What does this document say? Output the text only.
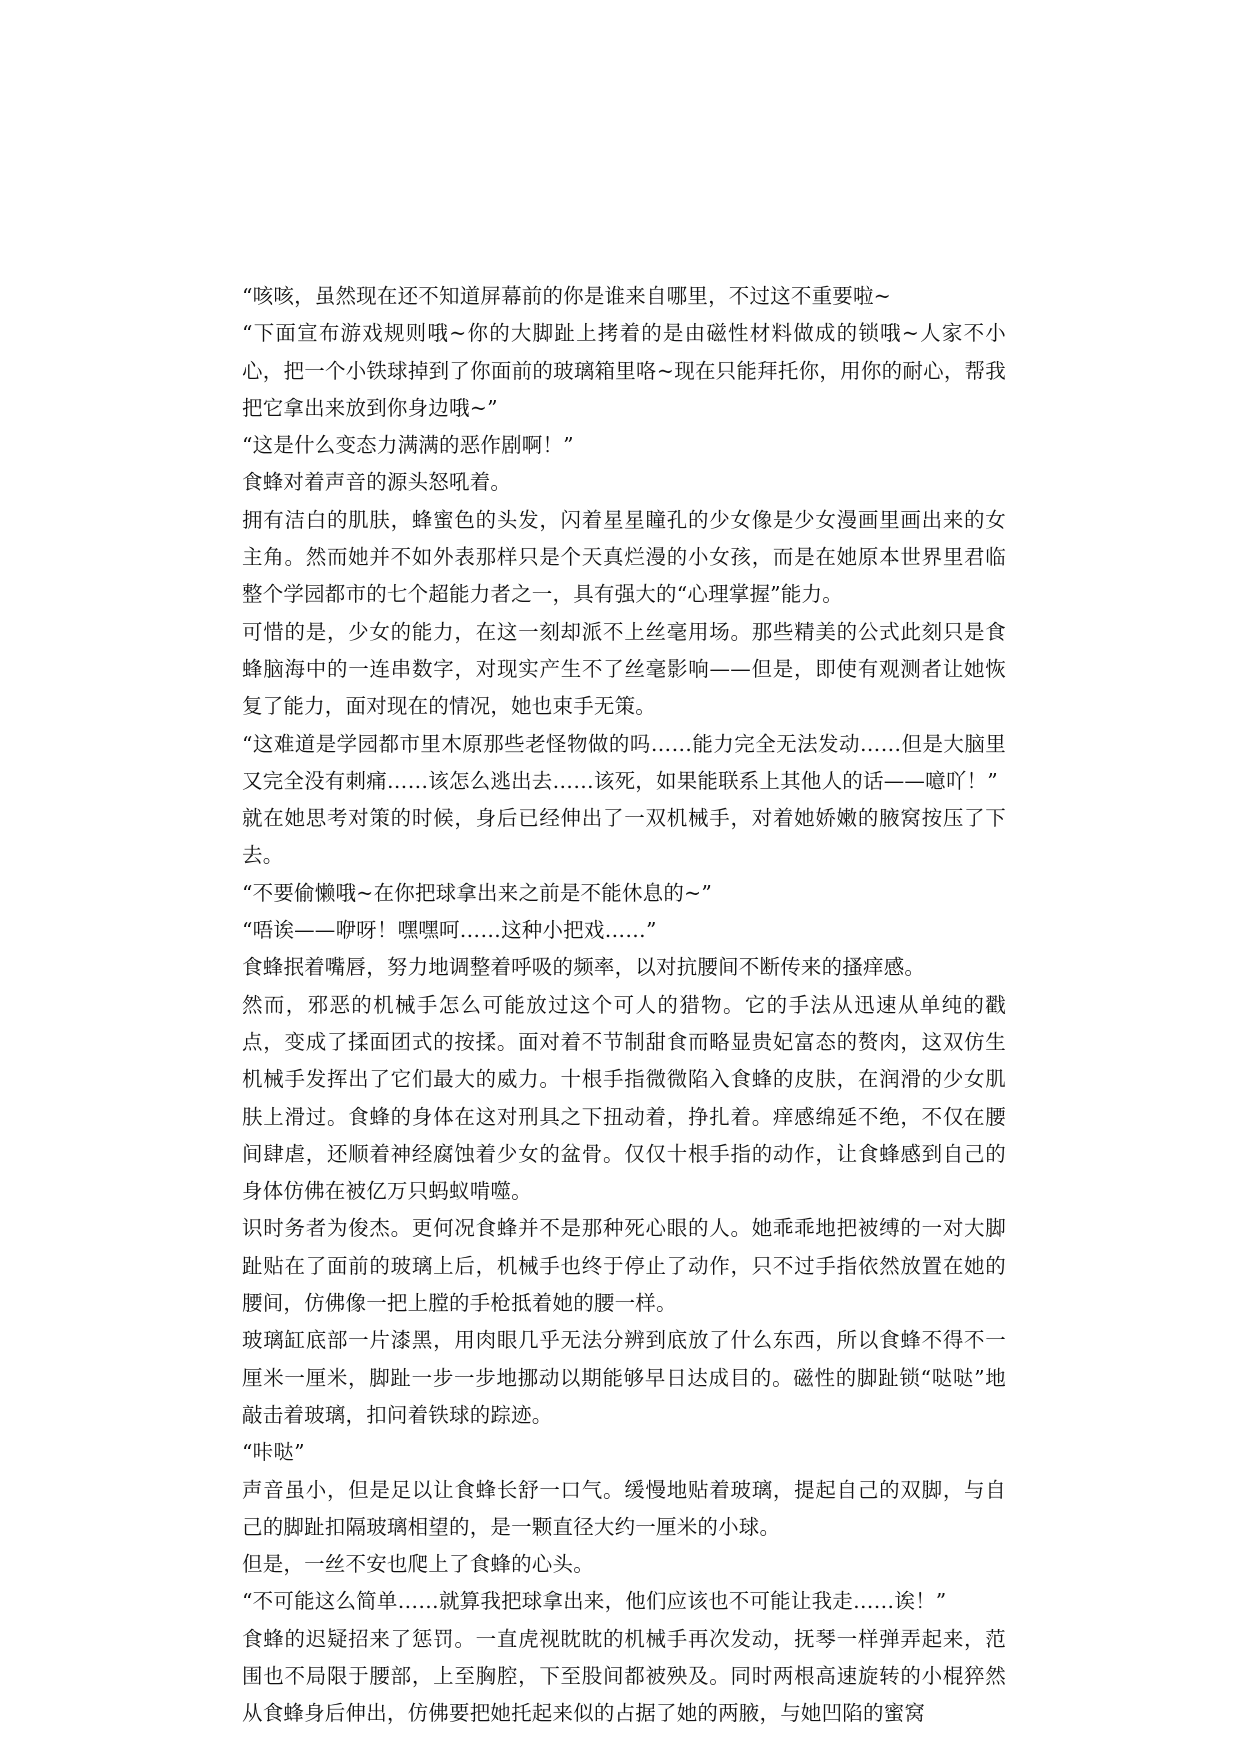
“咳咳，虽然现在还不知道屏幕前的你是谁来自哪里，不过这不重要啦~

“下面宣布游戏规则哦~你的大脚趾上拷着的是由磁性材料做成的锁哦~人家不小心，把一个小铁球掉到了你面前的玻璃箱里咯~现在只能拜托你，用你的耐心，帮我把它拿出来放到你身边哦~”

“这是什么变态力满满的恶作剧啊！”

食蜂对着声音的源头怒吼着。

拥有洁白的肌肤，蜂蜜色的头发，闪着星星瞳孔的少女像是少女漫画里画出来的女主角。然而她并不如外表那样只是个天真烂漫的小女孩，而是在她原本世界里君临整个学园都市的七个超能力者之一，具有强大的“心理掌握”能力。

可惜的是，少女的能力，在这一刻却派不上丝毫用场。那些精美的公式此刻只是食蜂脑海中的一连串数字，对现实产生不了丝毫影响——但是，即使有观测者让她恢复了能力，面对现在的情况，她也束手无策。

“这难道是学园都市里木原那些老怪物做的吗……能力完全无法发动……但是大脑里又完全没有刺痛……该怎么逃出去……该死，如果能联系上其他人的话——噫吖！”

就在她思考对策的时候，身后已经伸出了一双机械手，对着她娇嫩的腋窝按压了下去。

“不要偷懒哦~在你把球拿出来之前是不能休息的~”

“唔诶——咿呀！嘿嘿呵……这种小把戏……”

食蜂抿着嘴唇，努力地调整着呼吸的频率，以对抗腰间不断传来的搔痒感。

然而，邪恶的机械手怎么可能放过这个可人的猎物。它的手法从迅速从单纯的戳点，变成了揉面团式的按揉。面对着不节制甜食而略显贵妃富态的赘肉，这双仿生机械手发挥出了它们最大的威力。十根手指微微陷入食蜂的皮肤，在润滑的少女肌肤上滑过。食蜂的身体在这对刑具之下扭动着，挣扎着。痒感绵延不绝，不仅在腰间肆虐，还顺着神经腐蚀着少女的盆骨。仅仅十根手指的动作，让食蜂感到自己的身体仿佛在被亿万只蚂蚁啃噬。

识时务者为俊杰。更何况食蜂并不是那种死心眼的人。她乖乖地把被缚的一对大脚趾贴在了面前的玻璃上后，机械手也终于停止了动作，只不过手指依然放置在她的腰间，仿佛像一把上膛的手枪抵着她的腰一样。

玻璃缸底部一片漆黑，用肉眼几乎无法分辨到底放了什么东西，所以食蜂不得不一厘米一厘米，脚趾一步一步地挪动以期能够早日达成目的。磁性的脚趾锁“哒哒”地敲击着玻璃，扣问着铁球的踪迹。

“咔哒”

声音虽小，但是足以让食蜂长舒一口气。缓慢地贴着玻璃，提起自己的双脚，与自己的脚趾扣隔玻璃相望的，是一颗直径大约一厘米的小球。

但是，一丝不安也爬上了食蜂的心头。

“不可能这么简单……就算我把球拿出来，他们应该也不可能让我走……诶！”

食蜂的迟疑招来了惩罚。一直虎视眈眈的机械手再次发动，抚琴一样弹弄起来，范围也不局限于腰部，上至胸腔，下至股间都被殃及。同时两根高速旋转的小棍猝然从食蜂身后伸出，仿佛要把她托起来似的占据了她的两腋，与她凹陷的蜜窝
